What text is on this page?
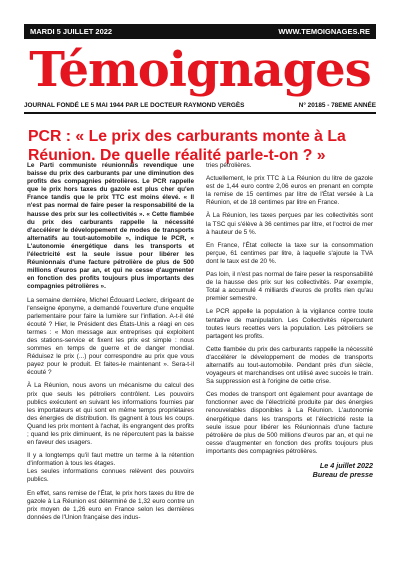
MARDI 5 JUILLET 2022	WWW.TEMOIGNAGES.RE
Témoignages
JOURNAL FONDÉ LE 5 MAI 1944 PAR LE DOCTEUR RAYMOND VERGÈS	N° 20185 - 78EME ANNÉE
PCR : « Le prix des carburants monte à La Réunion. De quelle réalité parle-t-on ? »

Le Parti communiste réunionnais revendique une baisse du prix des carburants par une diminution des profits des compagnies pétrolières. Le PCR rappelle que le prix hors taxes du gazole est plus cher qu'en France tandis que le prix TTC est moins élevé. « Il n'est pas normal de faire peser la responsabilité de la hausse des prix sur les collectivités ». « Cette flambée du prix des carburants rappelle la nécessité d'accélérer le développement de modes de transports alternatifs au tout-automobile », indique le PCR, « L'autonomie énergétique dans les transports et l'électricité est la seule issue pour libérer les Réunionnais d'une facture pétrolière de plus de 500 millions d'euros par an, et qui ne cesse d'augmenter en fonction des profits toujours plus importants des compagnies pétrolières ».

La semaine dernière, Michel Édouard Leclerc, dirigeant de l'enseigne éponyme, a demandé l'ouverture d'une enquête parlementaire pour faire la lumière sur l'inflation. A-t-il été écouté ? Hier, le Président des États-Unis a réagi en ces termes : « Mon message aux entreprises qui exploitent des stations-service et fixent les prix est simple : nous sommes en temps de guerre et de danger mondial. Réduisez le prix (...) pour correspondre au prix que vous payez pour le produit. Et faites-le maintenant ». Sera-t-il écouté ?

À La Réunion, nous avons un mécanisme du calcul des prix que seuls les pétroliers contrôlent. Les pouvoirs publics exécutent en suivant les informations fournies par les importateurs et qui sont en même temps propriétaires des énergies de distribution. Ils gagnent à tous les coups. Quand les prix montent à l'achat, ils engrangent des profits ; quand les prix diminuent, ils ne répercutent pas la baisse en faveur des usagers.

Il y a longtemps qu'il faut mettre un terme à la rétention d'information à tous les étages.

Les seules informations connues relèvent des pouvoirs publics.

En effet, sans remise de l'État, le prix hors taxes du litre de gazole à La Réunion est déterminé de 1,32 euro contre un prix moyen de 1,26 euro en France selon les dernières données de l'Union française des indus-

tries pétrolières.

Actuellement, le prix TTC à La Réunion du litre de gazole est de 1,44 euro contre 2,06 euros en prenant en compte la remise de 15 centimes par litre de l'État versée à La Réunion, et de 18 centimes par litre en France.

À La Réunion, les taxes perçues par les collectivités sont la TSC qui s'élève à 36 centimes par litre, et l'octroi de mer à hauteur de 5 %.

En France, l'État collecte la taxe sur la consommation perçue, 61 centimes par litre, à laquelle s'ajoute la TVA dont le taux est de 20 %.

Pas loin, il n'est pas normal de faire peser la responsabilité de la hausse des prix sur les collectivités. Par exemple, Total a accumulé 4 milliards d'euros de profits rien qu'au premier semestre.

Le PCR appelle la population à la vigilance contre toute tentative de manipulation. Les Collectivités répercutent toutes leurs recettes vers la population. Les pétroliers se partagent les profits.

Cette flambée du prix des carburants rappelle la nécessité d'accélérer le développement de modes de transports alternatifs au tout-automobile. Pendant près d'un siècle, voyageurs et marchandises ont utilisé avec succès le train. Sa suppression est à l'origine de cette crise.

Ces modes de transport ont également pour avantage de fonctionner avec de l'électricité produite par des énergies renouvelables disponibles à La Réunion. L'autonomie énergétique dans les transports et l'électricité reste la seule issue pour libérer les Réunionnais d'une facture pétrolière de plus de 500 millions d'euros par an, et qui ne cesse d'augmenter en fonction des profits toujours plus importants des compagnies pétrolières.

Le 4 juillet 2022
Bureau de presse
